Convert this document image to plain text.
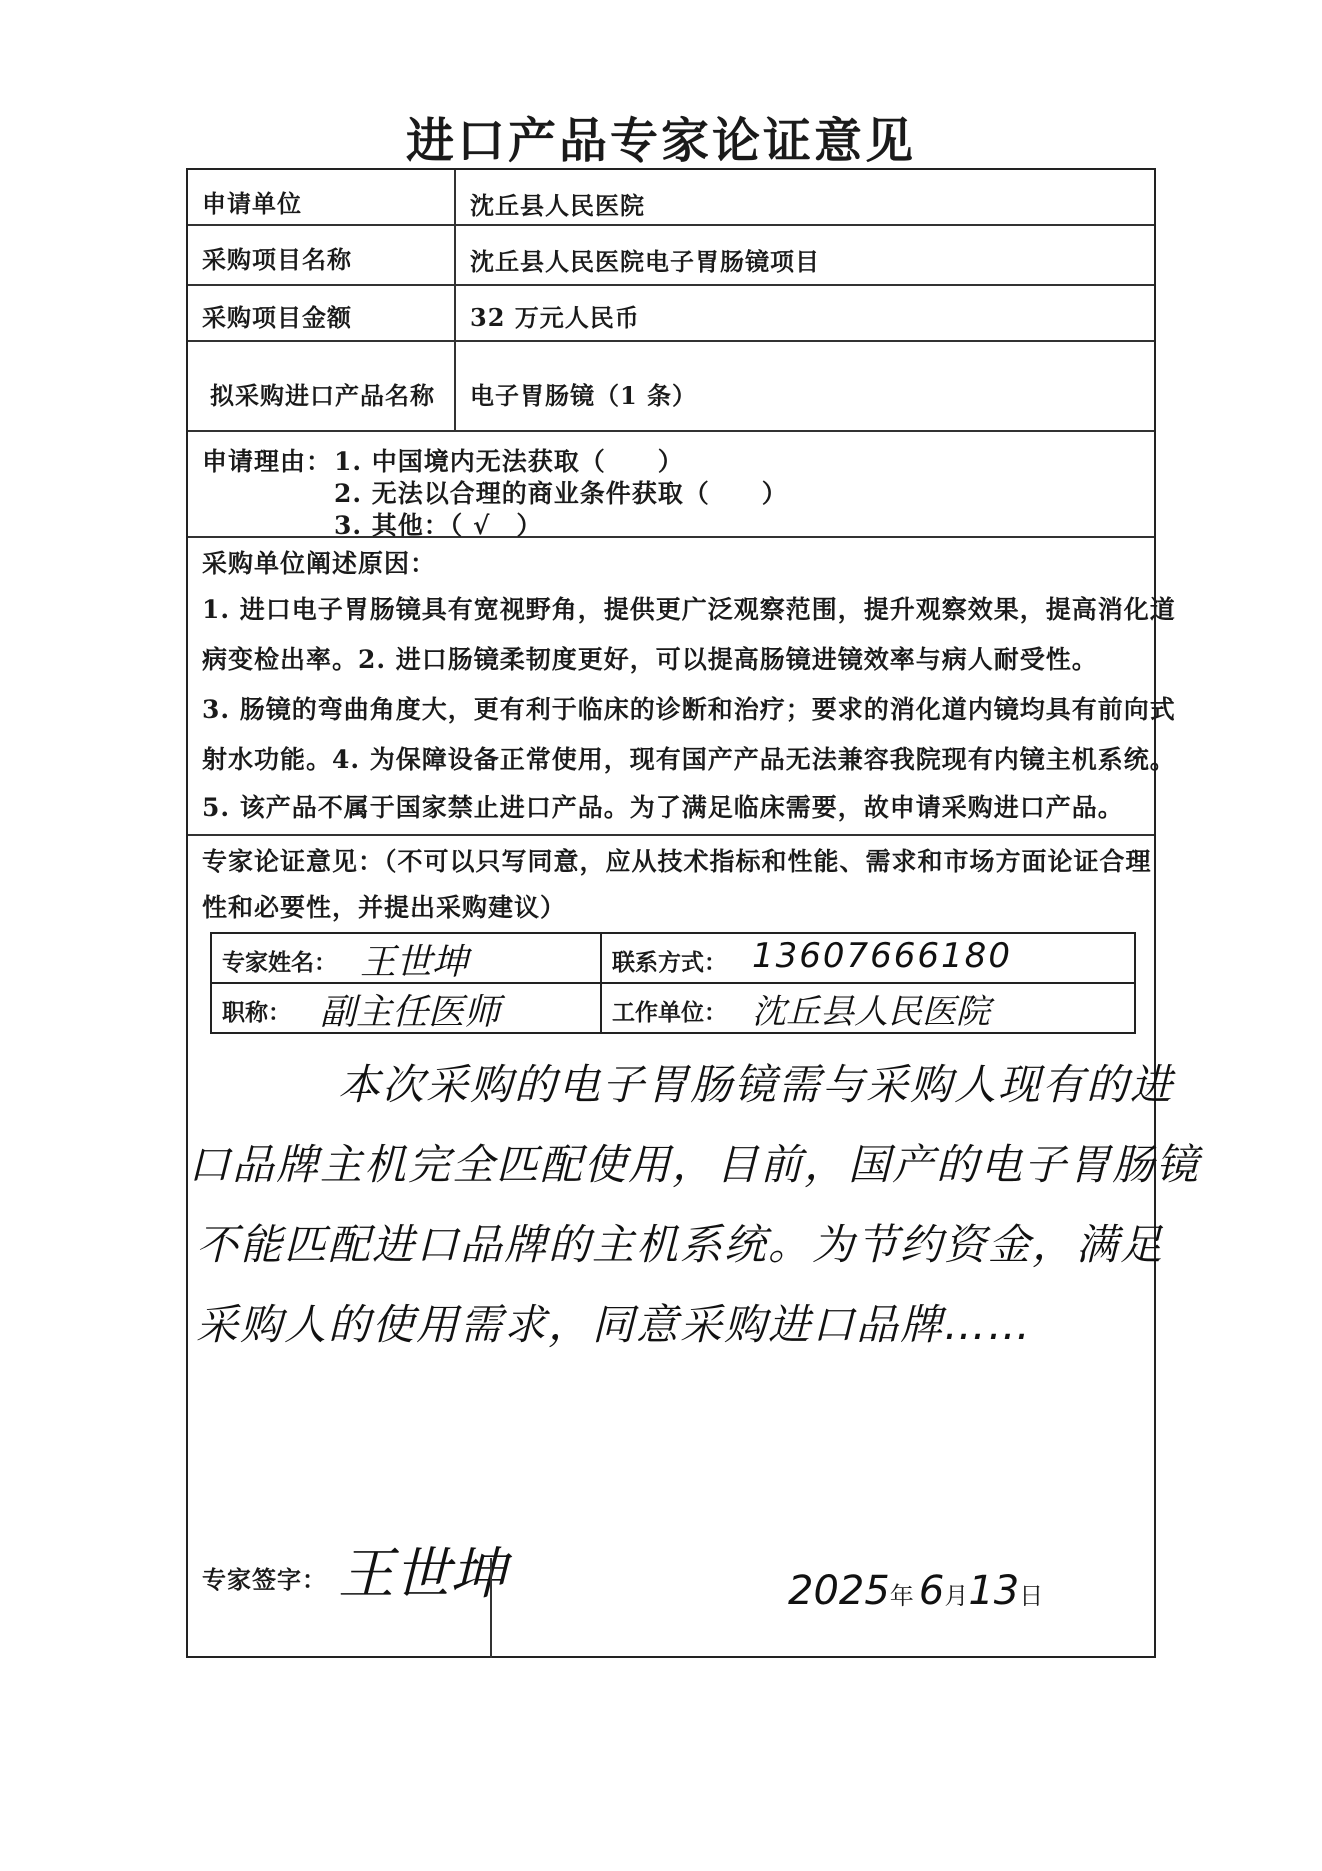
进口产品专家论证意见
申请单位	沈丘县人民医院
采购项目名称	沈丘县人民医院电子胃肠镜项目
采购项目金额	32 万元人民币
拟采购进口产品名称 电子胃肠镜（1 条）
申请理由： 1. 中国境内无法获取（　　）
2. 无法以合理的商业条件获取（　　）
3. 其他：（ √　）
采购单位阐述原因：
1. 进口电子胃肠镜具有宽视野角，提供更广泛观察范围，提升观察效果，提高消化道
病变检出率。2. 进口肠镜柔韧度更好，可以提高肠镜进镜效率与病人耐受性。
3. 肠镜的弯曲角度大，更有利于临床的诊断和治疗；要求的消化道内镜均具有前向式
射水功能。4. 为保障设备正常使用，现有国产产品无法兼容我院现有内镜主机系统。
5. 该产品不属于国家禁止进口产品。为了满足临床需要，故申请采购进口产品。
专家论证意见：（不可以只写同意，应从技术指标和性能、需求和市场方面论证合理
性和必要性，并提出采购建议）
专家姓名： 王世坤	联系方式： 13607666180
职称： 副主任医师	工作单位： 沈丘县人民医院
本次采购的电子胃肠镜需与采购人现有的进
口品牌主机完全匹配使用，目前，国产的电子胃肠镜
不能匹配进口品牌的主机系统。为节约资金，满足
采购人的使用需求，同意采购进口品牌……
专家签字： 王世坤	2025年 6月13日
